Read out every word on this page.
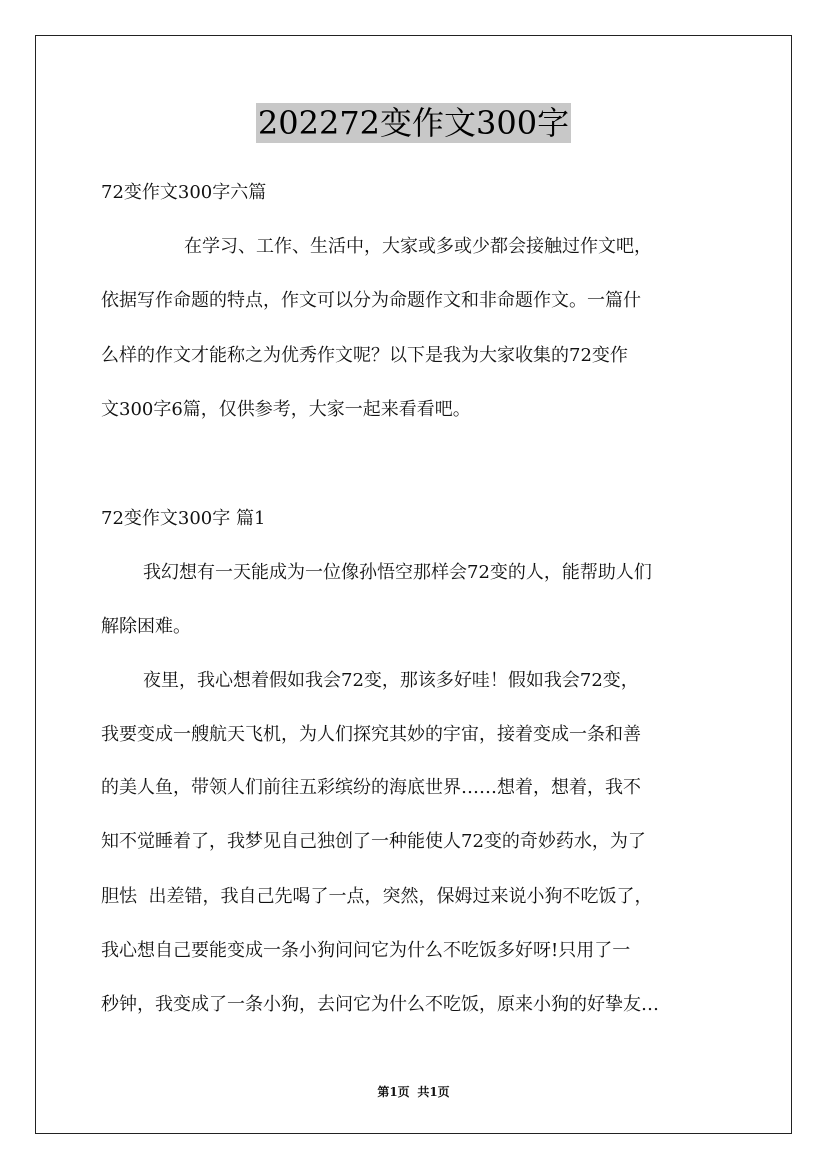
202272变作文300字
72变作文300字六篇
在学习、工作、生活中，大家或多或少都会接触过作文吧，
依据写作命题的特点，作文可以分为命题作文和非命题作文。一篇什
么样的作文才能称之为优秀作文呢？以下是我为大家收集的72变作
文300字6篇，仅供参考，大家一起来看看吧。
72变作文300字 篇1
我幻想有一天能成为一位像孙悟空那样会72变的人，能帮助人们
解除困难。
夜里，我心想着假如我会72变，那该多好哇！假如我会72变，
我要变成一艘航天飞机，为人们探究其妙的宇宙，接着变成一条和善
的美人鱼，带领人们前往五彩缤纷的海底世界……想着，想着，我不
知不觉睡着了，我梦见自己独创了一种能使人72变的奇妙药水，为了
胆怯  出差错，我自己先喝了一点，突然，保姆过来说小狗不吃饭了，
我心想自己要能变成一条小狗问问它为什么不吃饭多好呀!只用了一
秒钟，我变成了一条小狗，去问它为什么不吃饭，原来小狗的好挚友…
第1页 共1页
